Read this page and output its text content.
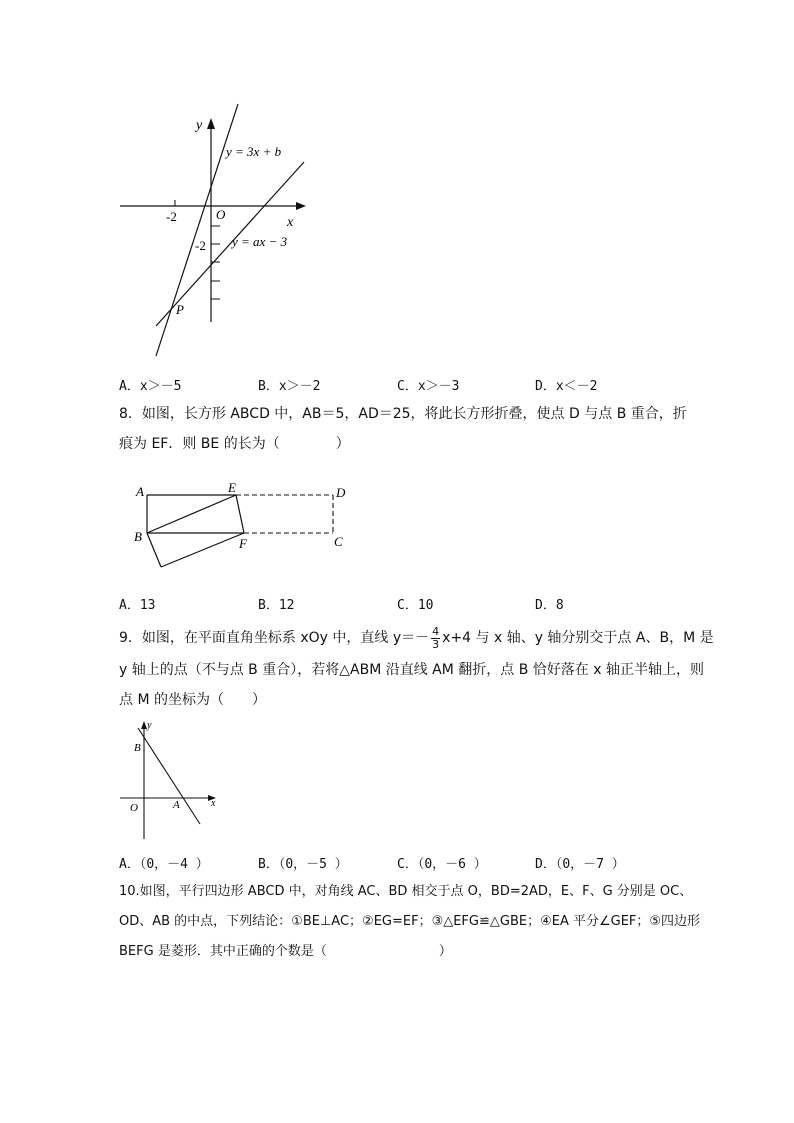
y
x
O
-2
-2
y = 3x + b
y = ax − 3
P
A．x＞－5	B．x＞－2	C．x＞－3	D．x＜－2
8．如图，长方形 ABCD 中，AB＝5，AD＝25，将此长方形折叠，使点 D 与点 B 重合，折
痕为 EF．则 BE 的长为（	）
A	E	D
B	F	C
A．13	B．12	C．10	D．8
9．如图，在平面直角坐标系 xOy 中，直线 $y=- \frac{4}{3} x+4$ 与 x 轴、y 轴分别交于点 A、B，M 是
y 轴上的点（不与点 B 重合），若将△ABM 沿直线 AM 翻折，点 B 恰好落在 x 轴正半轴上，则
点 M 的坐标为（　　）
y
x
O	A
B
A．（0，－4 ）	B．（0，－5 ）	C．（0，－6 ）	D．（0，－7 ）
10.如图，平行四边形 ABCD 中，对角线 AC、BD 相交于点 O，BD=2AD，E、F、G 分别是 OC、
OD、AB 的中点，下列结论：①BE⊥AC；②EG=EF；③△EFG≌△GBE；④EA 平分∠GEF；⑤四边形
BEFG 是菱形．其中正确的个数是（	）
